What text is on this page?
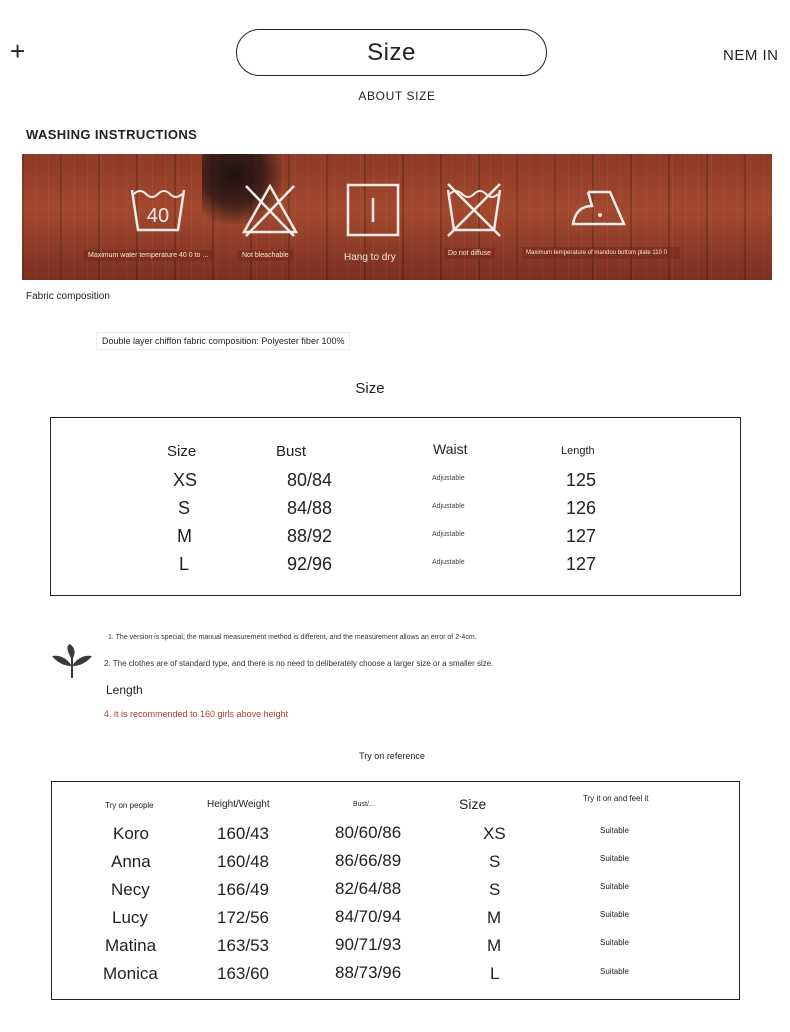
+	Size	NEM IN
ABOUT SIZE
WASHING INSTRUCTIONS
40
Maximum water temperature 40 0 to ...	Not bleachable	Hang to dry	Do not diffuse	Maximum temperature of mandou bottom plate 110 0
Fabric composition
Double layer chiffon fabric composition: Polyester fiber 100%
Size
Size	Bust	Waist	Length
XS	80/84	Adjustable	125
S	84/88	Adjustable	126
M	88/92	Adjustable	127
L	92/96	Adjustable	127
1. The version is special, the manual measurement method is different, and the measurement allows an error of 2-4cm.
2. The clothes are of standard type, and there is no need to deliberately choose a larger size or a smaller size.
Length
4. it is recommended to 160 girls above height
Try on reference
Try on people	Height/Weight	Bust/...	Size	Try it on and feel it
Koro	160/43	80/60/86	XS	Suitable
Anna	160/48	86/66/89	S	Suitable
Necy	166/49	82/64/88	S	Suitable
Lucy	172/56	84/70/94	M	Suitable
Matina	163/53	90/71/93	M	Suitable
Monica	163/60	88/73/96	L	Suitable
